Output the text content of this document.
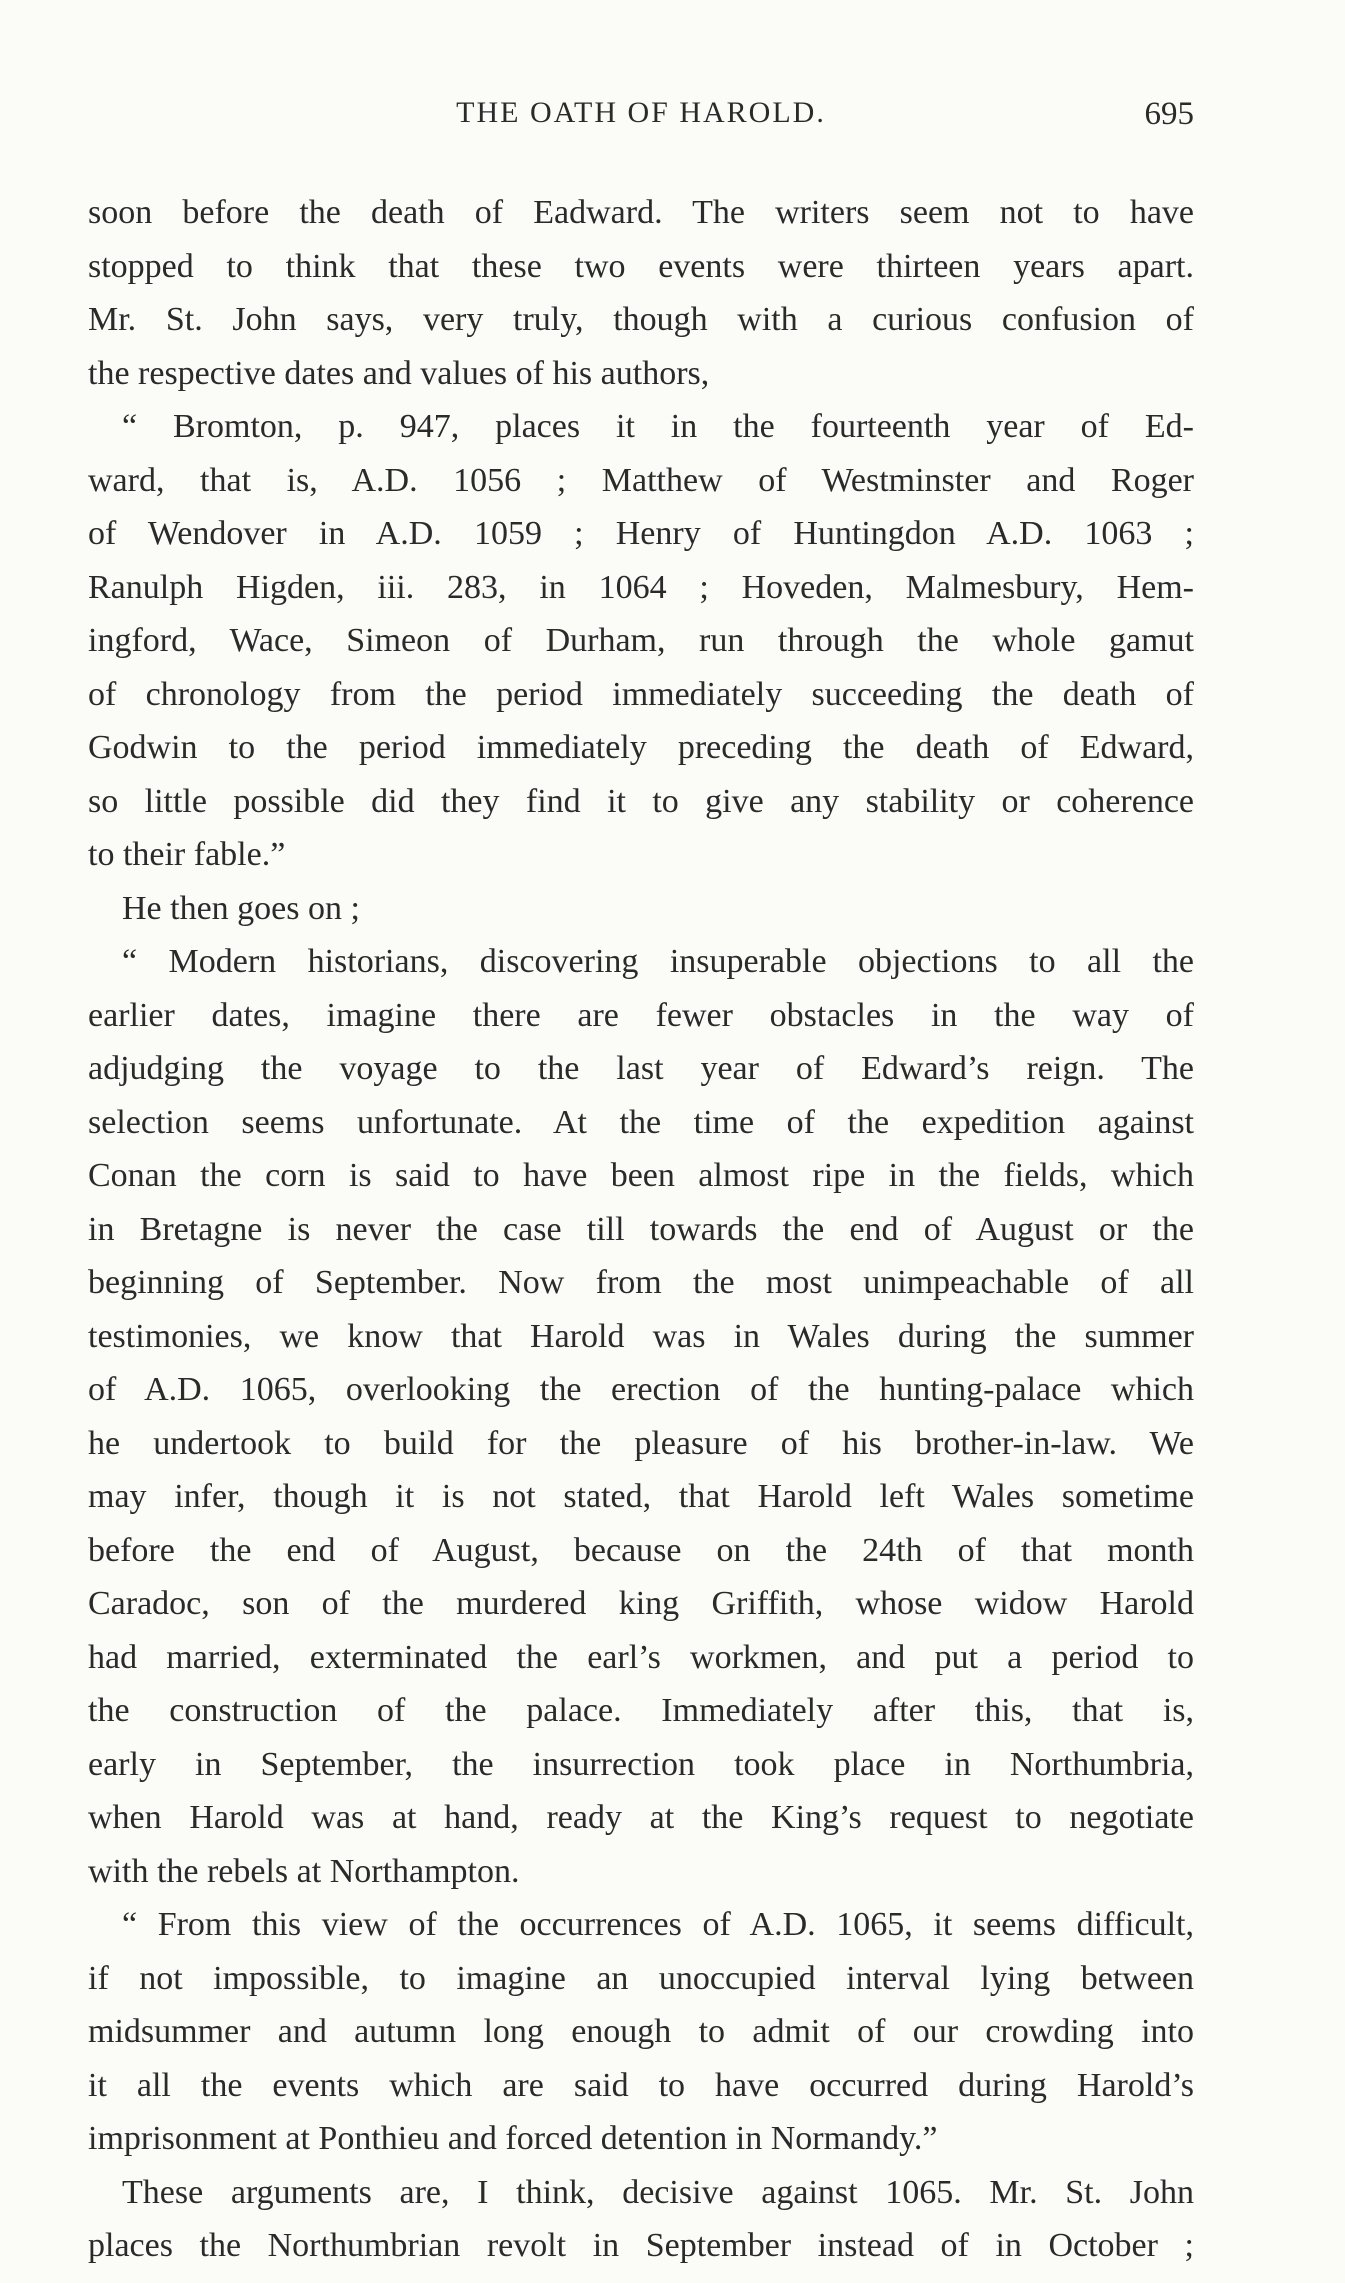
THE OATH OF HAROLD.	695
soon before the death of Eadward. The writers seem not to have
stopped to think that these two events were thirteen years apart.
Mr. St. John says, very truly, though with a curious confusion of
the respective dates and values of his authors,
“ Bromton, p. 947, places it in the fourteenth year of Ed-
ward, that is, A.D. 1056 ; Matthew of Westminster and Roger
of Wendover in A.D. 1059 ; Henry of Huntingdon A.D. 1063 ;
Ranulph Higden, iii. 283, in 1064 ; Hoveden, Malmesbury, Hem-
ingford, Wace, Simeon of Durham, run through the whole gamut
of chronology from the period immediately succeeding the death of
Godwin to the period immediately preceding the death of Edward,
so little possible did they find it to give any stability or coherence
to their fable.”
He then goes on ;
“ Modern historians, discovering insuperable objections to all the
earlier dates, imagine there are fewer obstacles in the way of
adjudging the voyage to the last year of Edward’s reign. The
selection seems unfortunate. At the time of the expedition against
Conan the corn is said to have been almost ripe in the fields, which
in Bretagne is never the case till towards the end of August or the
beginning of September. Now from the most unimpeachable of all
testimonies, we know that Harold was in Wales during the summer
of A.D. 1065, overlooking the erection of the hunting-palace which
he undertook to build for the pleasure of his brother-in-law. We
may infer, though it is not stated, that Harold left Wales sometime
before the end of August, because on the 24th of that month
Caradoc, son of the murdered king Griffith, whose widow Harold
had married, exterminated the earl’s workmen, and put a period to
the construction of the palace. Immediately after this, that is,
early in September, the insurrection took place in Northumbria,
when Harold was at hand, ready at the King’s request to negotiate
with the rebels at Northampton.
“ From this view of the occurrences of A.D. 1065, it seems difficult,
if not impossible, to imagine an unoccupied interval lying between
midsummer and autumn long enough to admit of our crowding into
it all the events which are said to have occurred during Harold’s
imprisonment at Ponthieu and forced detention in Normandy.”
These arguments are, I think, decisive against 1065. Mr. St. John
places the Northumbrian revolt in September instead of in October ;
